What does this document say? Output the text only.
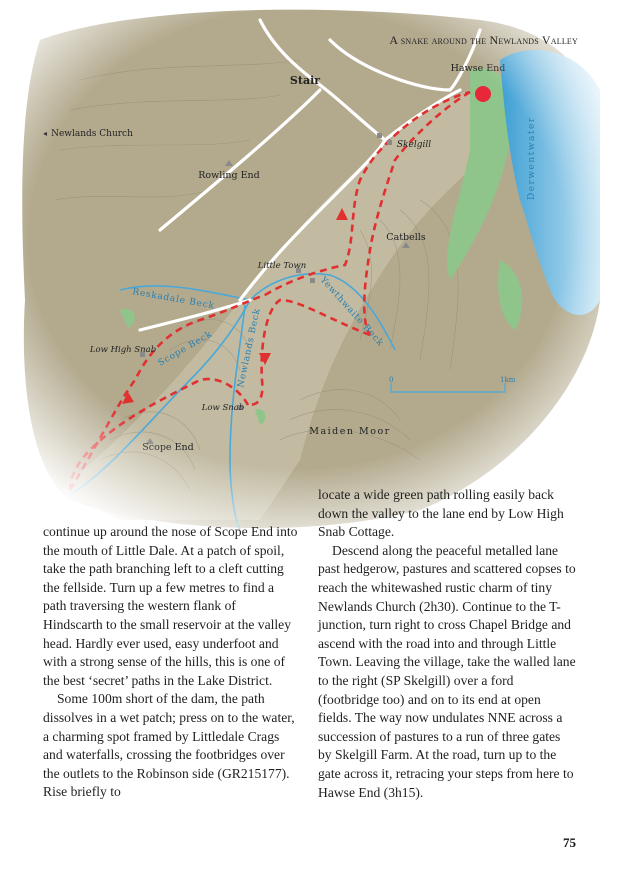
A snake around the Newlands Valley

continue up around the nose of Scope End into the mouth of Little Dale. At a patch of spoil, take the path branching left to a cleft cutting the fellside. Turn up a few metres to find a path traversing the western flank of Hindscarth to the small reservoir at the valley head. Hardly ever used, easy underfoot and with a strong sense of the hills, this is one of the best ‘secret’ paths in the Lake District.

Some 100m short of the dam, the path dissolves in a wet patch; press on to the water, a charming spot framed by Littledale Crags and waterfalls, crossing the footbridges over the outlets to the Robinson side (GR215177). Rise briefly to

locate a wide green path rolling easily back down the valley to the lane end by Low High Snab Cottage.

Descend along the peaceful metalled lane past hedgerow, pastures and scattered copses to reach the whitewashed rustic charm of tiny Newlands Church (2h30). Continue to the T-junction, turn right to cross Chapel Bridge and ascend with the road into and through Little Town. Leaving the village, take the walled lane to the right (SP Skelgill) over a ford (footbridge too) and on to its end at open fields. The way now undulates NNE across a succession of pastures to a run of three gates by Skelgill Farm. At the road, turn up to the gate across it, retracing your steps from here to Hawse End (3h15).

75
